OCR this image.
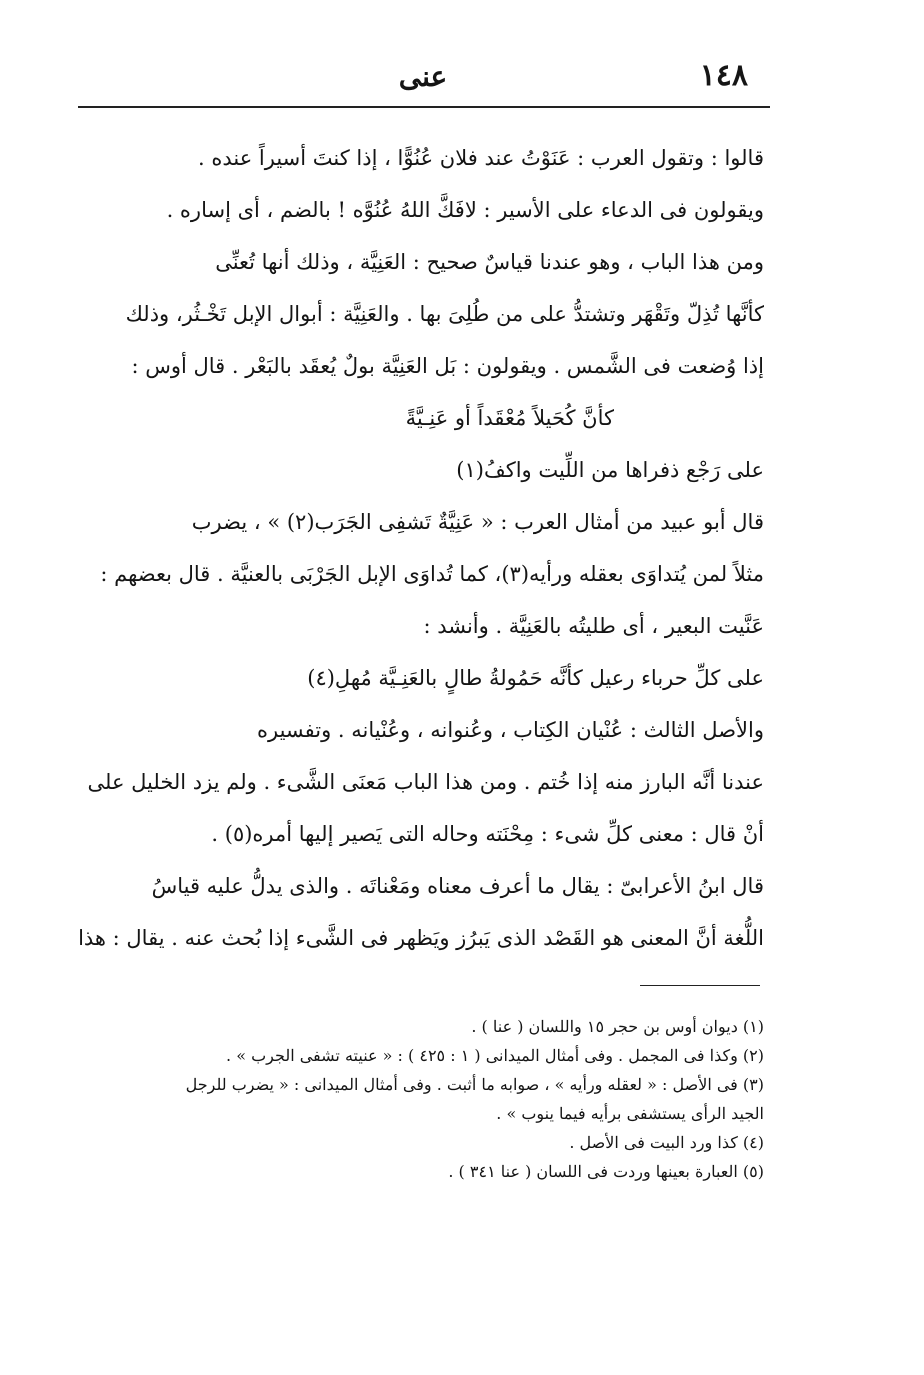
١٤٨
عنى
قالوا : وتقول العرب : عَنَوْتُ عند فلان عُنُوًّا ، إذا كنتَ أسيراً عنده .
ويقولون فى الدعاء على الأسير : لافَكَّ اللهُ عُنُوَّه ! بالضم ، أى إساره .
ومن هذا الباب ، وهو عندنا قياسٌ صحيح : العَنِيَّة ، وذلك أنها تُعنِّى
كأنَّها تُذِلّ وتَقْهَر وتشتدُّ على من طُلِىَ بها . والعَنِيَّة : أبوال الإبل تَخْـثُر، وذلك
إذا وُضعت فى الشَّمس . ويقولون : بَل العَنِيَّة بولٌ يُعقَد بالبَعْر . قال أوس :
كأنَّ كُحَيلاً مُعْقَداً أو عَنِـيَّةً
على رَجْع ذفراها من اللِّيت واكفُ(١)
قال أبو عبيد من أمثال العرب : « عَنِيَّةٌ تَشفِى الجَرَب(٢) » ، يضرب
مثلاً لمن يُتداوَى بعقله ورأيه(٣)، كما تُداوَى الإبل الجَرْبَى بالعنيَّة . قال بعضهم :
عَنَّيت البعير ، أى طليتُه بالعَنِيَّة . وأنشد :
على كلِّ حرباء رعيل كأنَّه حَمُولةُ طالٍ بالعَنِـيَّة مُهلِ(٤)
والأصل الثالث : عُنْيان الكِتاب ، وعُنوانه ، وعُنْيانه . وتفسيره
عندنا أنَّه البارز منه إذا خُتم . ومن هذا الباب مَعنَى الشَّىء . ولم يزد الخليل على
أنْ قال : معنى كلِّ شىء : مِحْنَته وحاله التى يَصير إليها أمره(٥) .
قال ابنُ الأعرابىّ : يقال ما أعرف معناه ومَعْناتَه . والذى يدلُّ عليه قياسُ
اللُّغة أنَّ المعنى هو القَصْد الذى يَبرُز ويَظهر فى الشَّىء إذا بُحث عنه . يقال : هذا
(١) ديوان أوس بن حجر ١٥ واللسان ( عنا ) .
(٢) وكذا فى المجمل . وفى أمثال الميدانى ( ١ : ٤٢٥ ) : « عنيته تشفى الجرب » .
(٣) فى الأصل : « لعقله ورأيه » ، صوابه ما أثبت . وفى أمثال الميدانى : « يضرب للرجل
الجيد الرأى يستشفى برأيه فيما ينوب » .
(٤) كذا ورد البيت فى الأصل .
(٥) العبارة بعينها وردت فى اللسان ( عنا ٣٤١ ) .
